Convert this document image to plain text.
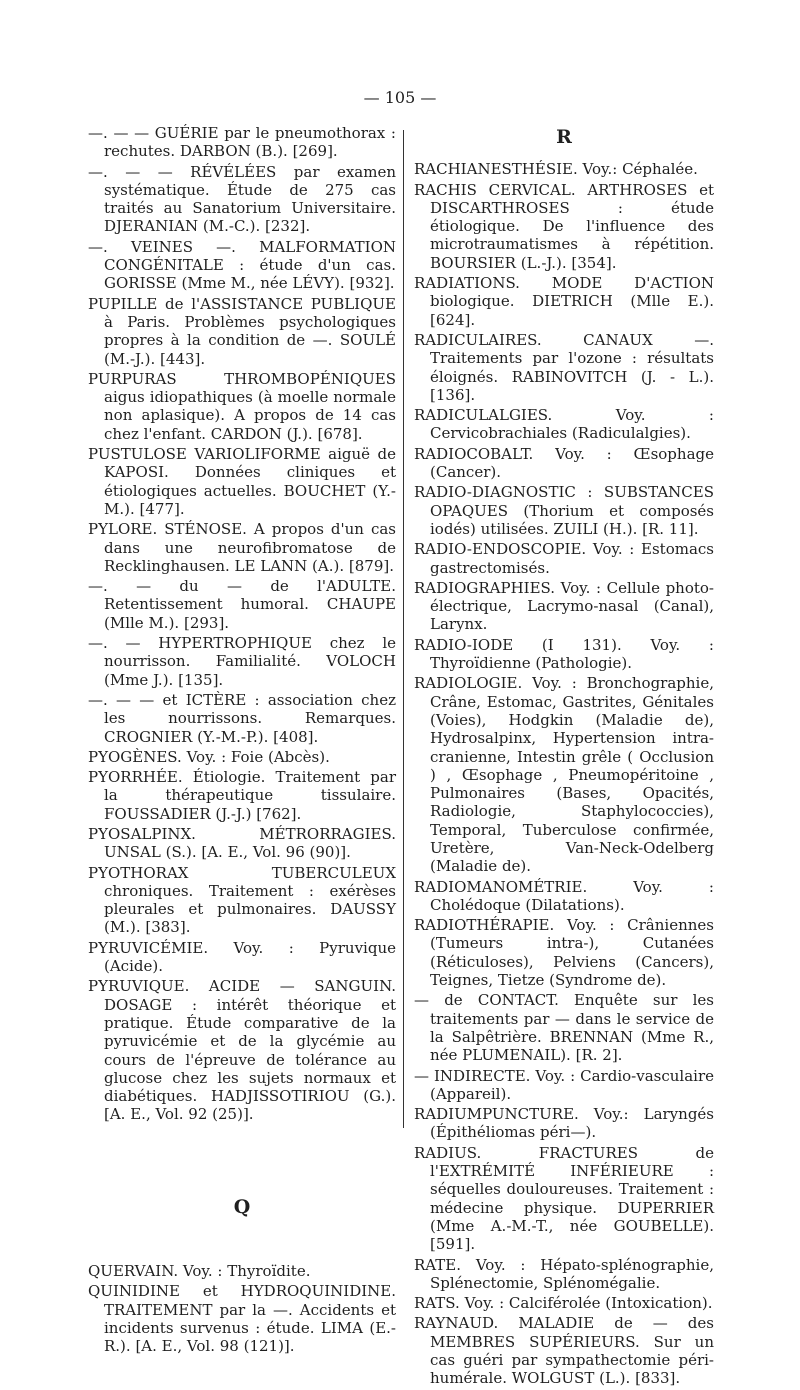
— 105 —

—. — — GUÉRIE par le pneumothorax : rechutes. DARBON (B.). [269].

—. — — RÉVÉLÉES par examen systématique. Étude de 275 cas traités au Sanatorium Universitaire. DJERANIAN (M.-C.). [232].

—. VEINES —. MALFORMATION CONGÉNITALE : étude d'un cas. GORISSE (Mme M., née LÉVY). [932].

PUPILLE de l'ASSISTANCE PUBLIQUE à Paris. Problèmes psychologiques propres à la condition de —. SOULÉ (M.-J.). [443].

PURPURAS THROMBOPÉNIQUES aigus idiopathiques (à moelle normale non aplasique). A propos de 14 cas chez l'enfant. CARDON (J.). [678].

PUSTULOSE VARIOLIFORME aiguë de KAPOSI. Données cliniques et étiologiques actuelles. BOUCHET (Y.-M.). [477].

PYLORE. STÉNOSE. A propos d'un cas dans une neurofibromatose de Recklinghausen. LE LANN (A.). [879].

—. — du — de l'ADULTE. Retentissement humoral. CHAUPE (Mlle M.). [293].

—. — HYPERTROPHIQUE chez le nourrisson. Familialité. VOLOCH (Mme J.). [135].

—. — — et ICTÈRE : association chez les nourrissons. Remarques. CROGNIER (Y.-M.-P.). [408].

PYOGÈNES. Voy. : Foie (Abcès).

PYORRHÉE. Étiologie. Traitement par la thérapeutique tissulaire. FOUSSADIER (J.-J.) [762].

PYOSALPINX. MÉTRORRAGIES. UNSAL (S.). [A. E., Vol. 96 (90)].

PYOTHORAX TUBERCULEUX chroniques. Traitement : exérèses pleurales et pulmonaires. DAUSSY (M.). [383].

PYRUVICÉMIE. Voy. : Pyruvique (Acide).

PYRUVIQUE. ACIDE — SANGUIN. DOSAGE : intérêt théorique et pratique. Étude comparative de la pyruvicémie et de la glycémie au cours de l'épreuve de tolérance au glucose chez les sujets normaux et diabétiques. HADJISSOTIRIOU (G.). [A. E., Vol. 92 (25)].

Q

QUERVAIN. Voy. : Thyroïdite.

QUINIDINE et HYDROQUINIDINE. TRAITEMENT par la —. Accidents et incidents survenus : étude. LIMA (E.-R.). [A. E., Vol. 98 (121)].

R

RACHIANESTHÉSIE. Voy.: Céphalée.

RACHIS CERVICAL. ARTHROSES et DISCARTHROSES : étude étiologique. De l'influence des microtraumatismes à répétition. BOURSIER (L.-J.). [354].

RADIATIONS. MODE D'ACTION biologique. DIETRICH (Mlle E.). [624].

RADICULAIRES. CANAUX —. Traitements par l'ozone : résultats éloignés. RABINOVITCH (J. - L.). [136].

RADICULALGIES. Voy. : Cervicobrachiales (Radiculalgies).

RADIOCOBALT. Voy. : Œsophage (Cancer).

RADIO-DIAGNOSTIC : SUBSTANCES OPAQUES (Thorium et composés iodés) utilisées. ZUILI (H.). [R. 11].

RADIO-ENDOSCOPIE. Voy. : Estomacs gastrectomisés.

RADIOGRAPHIES. Voy. : Cellule photo-électrique, Lacrymo-nasal (Canal), Larynx.

RADIO-IODE (I 131). Voy. : Thyroïdienne (Pathologie).

RADIOLOGIE. Voy. : Bronchographie, Crâne, Estomac, Gastrites, Génitales (Voies), Hodgkin (Maladie de), Hydrosalpinx, Hypertension intra-cranienne, Intestin grêle ( Occlusion ) , Œsophage , Pneumopéritoine , Pulmonaires (Bases, Opacités, Radiologie, Staphylococcies), Temporal, Tuberculose confirmée, Uretère, Van-Neck-Odelberg (Maladie de).

RADIOMANOMÉTRIE. Voy. : Cholédoque (Dilatations).

RADIOTHÉRAPIE. Voy. : Crâniennes (Tumeurs intra-), Cutanées (Réticuloses), Pelviens (Cancers), Teignes, Tietze (Syndrome de).

— de CONTACT. Enquête sur les traitements par — dans le service de la Salpêtrière. BRENNAN (Mme R., née PLUMENAIL). [R. 2].

— INDIRECTE. Voy. : Cardio-vasculaire (Appareil).

RADIUMPUNCTURE. Voy.: Laryngés (Épithéliomas péri—).

RADIUS. FRACTURES de l'EXTRÉMITÉ INFÉRIEURE : séquelles douloureuses. Traitement : médecine physique. DUPERRIER (Mme A.-M.-T., née GOUBELLE). [591].

RATE. Voy. : Hépato-splénographie, Splénectomie, Splénomégalie.

RATS. Voy. : Calciférolée (Intoxication).

RAYNAUD. MALADIE de — des MEMBRES SUPÉRIEURS. Sur un cas guéri par sympathectomie péri-humérale. WOLGUST (L.). [833].
